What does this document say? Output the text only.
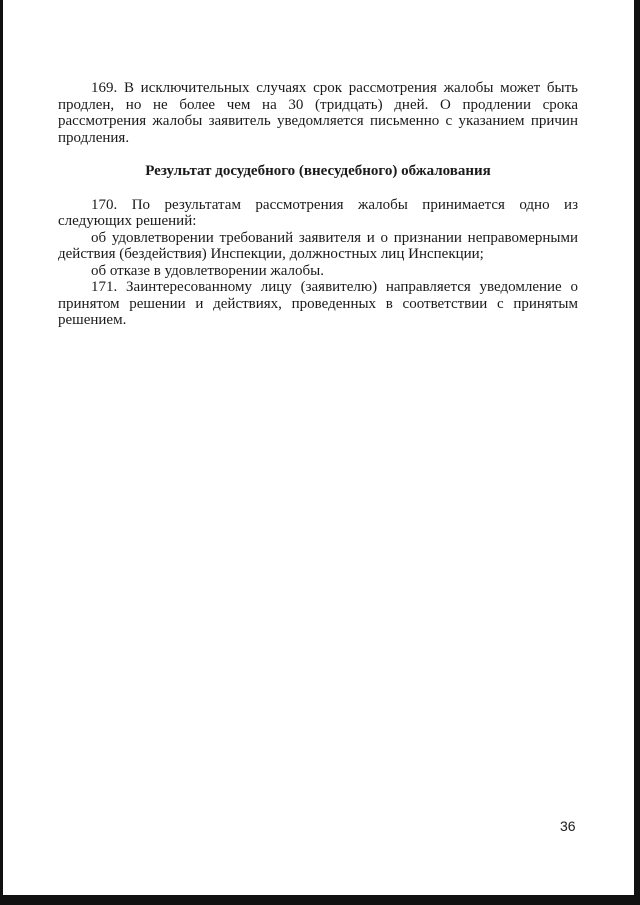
169. В исключительных случаях срок рассмотрения жалобы может быть продлен, но не более чем на 30 (тридцать) дней. О продлении срока рассмотрения жалобы заявитель уведомляется письменно с указанием причин продления.

Результат досудебного (внесудебного) обжалования

170. По результатам рассмотрения жалобы принимается одно из следующих решений:

об удовлетворении требований заявителя и о признании неправомерными действия (бездействия) Инспекции, должностных лиц Инспекции;

об отказе в удовлетворении жалобы.

171. Заинтересованному лицу (заявителю) направляется уведомление о принятом решении и действиях, проведенных в соответствии с принятым решением.

36
